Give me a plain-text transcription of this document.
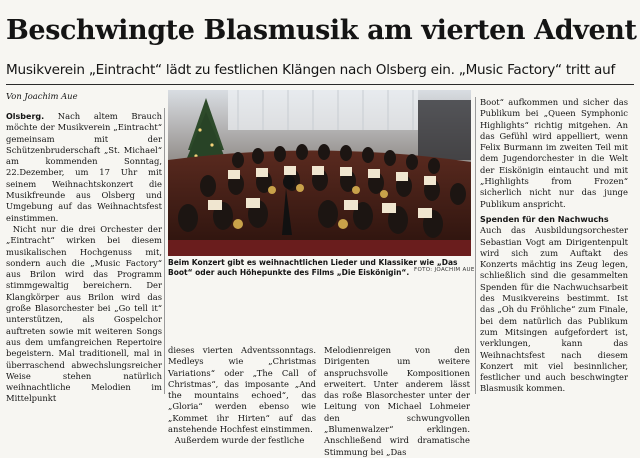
Beschwingte Blasmusik am vierten Advent

Musikverein „Eintracht“ lädt zu festlichen Klängen nach Olsberg ein. „Music Factory“ tritt auf

Von Joachim Aue

Olsberg. Nach altem Brauch möchte der Musikverein „Eintracht“ gemeinsam mit der Schützenbruderschaft „St. Michael“ am kommenden Sonntag, 22.Dezember, um 17 Uhr mit seinem Weihnachtskonzert die Musikfreunde aus Olsberg und Umgebung auf das Weihnachtsfest einstimmen.

Nicht nur die drei Orchester der „Eintracht“ wirken bei diesem musikalischen Hochgenuss mit, sondern auch die „Music Factory“ aus Brilon wird das Programm stimmgewaltig bereichern. Der Klangkörper aus Brilon wird das große Blasorchester bei „Go tell it“ unterstützen, als Gospelchor auftreten sowie mit weiteren Songs aus dem umfangreichen Repertoire begeistern. Mal traditionell, mal in überraschend abwechslungsreicher Weise stehen natürlich weihnachtliche Melodien im Mittelpunkt

Beim Konzert gibt es weihnachtlichen Lieder und Klassiker wie „Das Boot“ oder auch Höhepunkte des Films „Die Eiskönigin“. FOTO: JOACHIM AUE

dieses vierten Adventssonntags. Medleys wie „Christmas Variations“ oder „The Call of Christmas“, das imposante „And the mountains echoed“, das „Gloria“ werden ebenso wie „Kommet ihr Hirten“ auf das anstehende Hochfest einstimmen.

Außerdem wurde der festliche

Melodienreigen von den Dirigenten um weitere anspruchsvolle Kompositionen erweitert. Unter anderem lässt das roße Blasorchester unter der Leitung von Michael Lohmeier den schwungvollen „Blumenwalzer“ erklingen. Anschließend wird dramatische Stimmung bei „Das

Boot“ aufkommen und sicher das Publikum bei „Queen Symphonic Highlights“ richtig mitgehen. An das Gefühl wird appelliert, wenn Felix Burmann im zweiten Teil mit dem Jugendorchester in die Welt der Eiskönigin eintaucht und mit „Highlights from Frozen“ sicherlich nicht nur das junge Publikum anspricht.

Spenden für den Nachwuchs

Auch das Ausbildungsorchester Sebastian Vogt am Dirigentenpult wird sich zum Auftakt des Konzerts mächtig ins Zeug legen, schließlich sind die gesammelten Spenden für die Nachwuchsarbeit des Musikvereins bestimmt. Ist das „Oh du Fröhliche“ zum Finale, bei dem natürlich das Publikum zum Mitsingen aufgefordert ist, verklungen, kann das Weihnachtsfest nach diesem Konzert mit viel besinnlicher, festlicher und auch beschwingter Blasmusik kommen.
